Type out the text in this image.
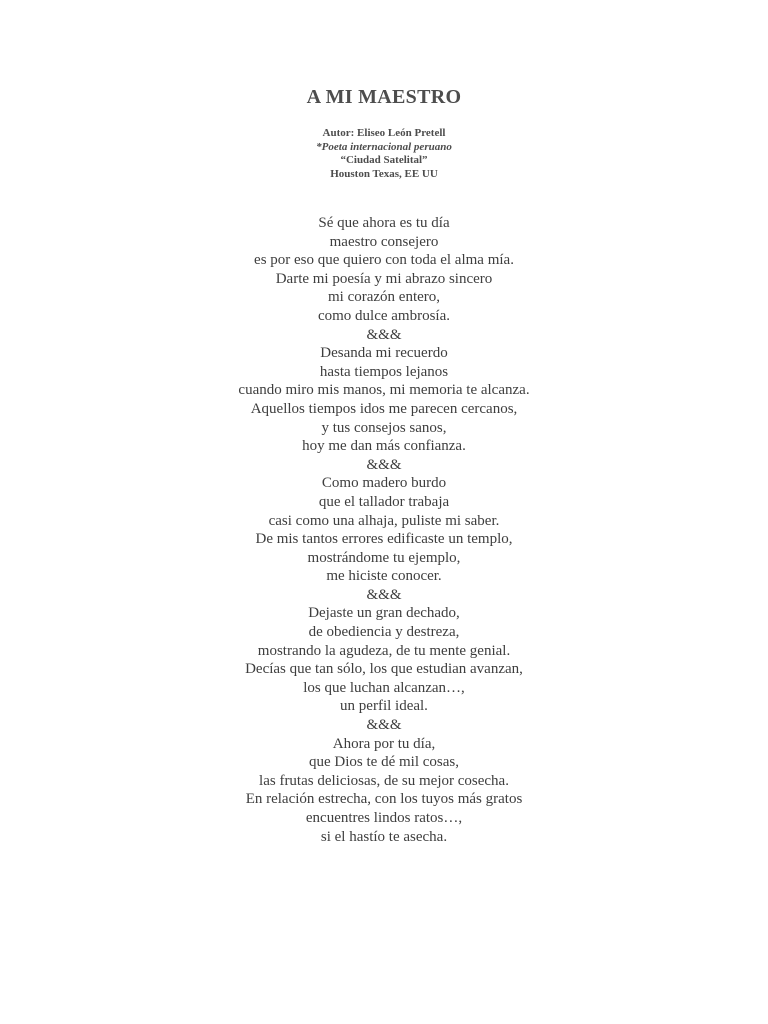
A MI MAESTRO
Autor: Eliseo León Pretell
*Poeta internacional peruano
“Ciudad Satelital”
Houston Texas, EE UU
Sé que ahora es tu día
maestro consejero
es por eso que quiero con toda el alma mía.
Darte mi poesía y mi abrazo sincero
mi corazón entero,
como dulce ambrosía.
&&&
Desanda mi recuerdo
hasta tiempos lejanos
cuando miro mis manos, mi memoria te alcanza.
Aquellos tiempos idos me parecen cercanos,
y tus consejos sanos,
hoy me dan más confianza.
&&&
Como madero burdo
que el tallador trabaja
casi como una alhaja, puliste mi saber.
De mis tantos errores edificaste un templo,
mostrándome tu ejemplo,
me hiciste conocer.
&&&
Dejaste un gran dechado,
de obediencia y destreza,
mostrando la agudeza, de tu mente genial.
Decías que tan sólo, los que estudian avanzan,
los que luchan alcanzan…,
un perfil ideal.
&&&
Ahora por tu día,
que Dios te dé mil cosas,
las frutas deliciosas, de su mejor cosecha.
En relación estrecha, con los tuyos más gratos
encuentres lindos ratos…,
si el hastío te asecha.
